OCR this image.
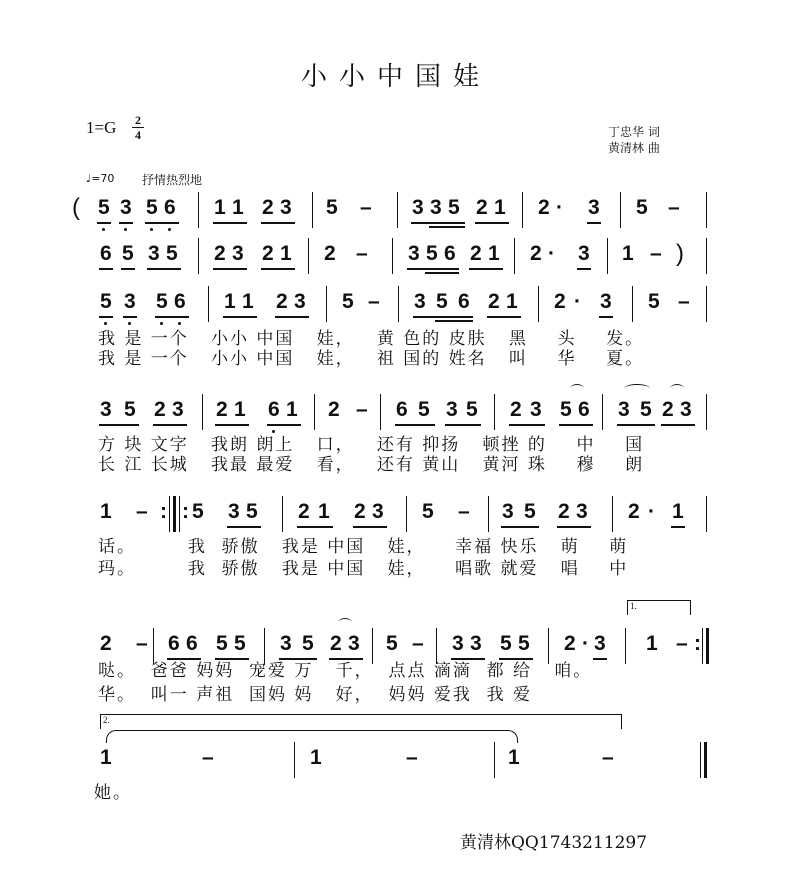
小小中国娃
1=G 2
4	丁忠华 词
黄清林 曲
♩=70 抒情热烈地
( 5 3 5 6 1 1 2 3 5 – 3 3 5 2 1 2 · 3 5 –
6 5 3 5 2 3 2 1 2 – 3 5 6 2 1 2 · 3 1 – )
5 3 5 6 1 1 2 3 5 – 3 5 6 2 1 2 · 3 5 –
我 是 一个   小小 中国   娃，   黄 色的 皮肤   黑    头    发。
我 是 一个   小小 中国   娃，   祖 国的 姓名   叫    华    夏。
3 5 2 3 2 1 6 1 2 – 6 5 3 5 2 3 5 6 3 5 2 3
方 块 文字   我朗 朗上   口，   还有 抑扬   顿挫 的    中    国
长 江 长城   我最 最爱   看，   还有 黄山   黄河 珠    穆    朗
1 – : : 5 3 5 2 1 2 3 5 – 3 5 2 3 2 · 1
话。       我  骄傲   我是 中国   娃，    幸福 快乐   萌    萌
玛。       我  骄傲   我是 中国   娃，    唱歌 就爱   唱    中
1.
2 – 6 6 5 5 3 5 2 3 5 – 3 3 5 5 2 · 3 1 – :
哒。  爸爸 妈妈  宠爱 万   千，  点点 滴滴  都 给   咱。
华。  叫一 声祖  国妈 妈   好，  妈妈 爱我  我 爱
2.
1	–	1	–	1	–
她。
黄清林QQ1743211297
